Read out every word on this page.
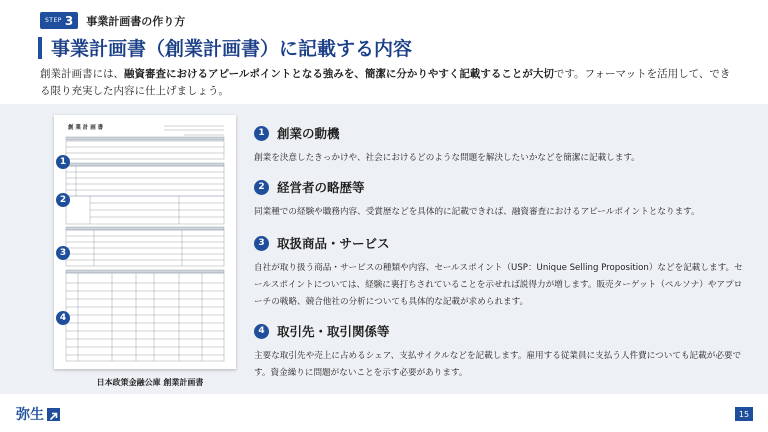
STEP 3 事業計画書の作り方
事業計画書（創業計画書）に記載する内容

創業計画書には、融資審査におけるアピールポイントとなる強みを、簡潔に分かりやすく記載することが大切です。フォーマットを活用して、できる限り充実した内容に仕上げましょう。

創 業 計 画 書
1
2
3
4
日本政策金融公庫 創業計画書
1 創業の動機

創業を決意したきっかけや、社会におけるどのような問題を解決したいかなどを簡潔に記載します。

2 経営者の略歴等

同業種での経験や職務内容、受賞歴などを具体的に記載できれば、融資審査におけるアピールポイントとなります。

3 取扱商品・サービス

自社が取り扱う商品・サービスの種類や内容、セールスポイント（USP：Unique Selling Proposition）などを記載します。セールスポイントについては、経験に裏打ちされていることを示せれば説得力が増します。販売ターゲット（ペルソナ）やアプローチの戦略、競合他社の分析についても具体的な記載が求められます。

4 取引先・取引関係等

主要な取引先や売上に占めるシェア、支払サイクルなどを記載します。雇用する従業員に支払う人件費についても記載が必要です。資金繰りに問題がないことを示す必要があります。

弥生	15
